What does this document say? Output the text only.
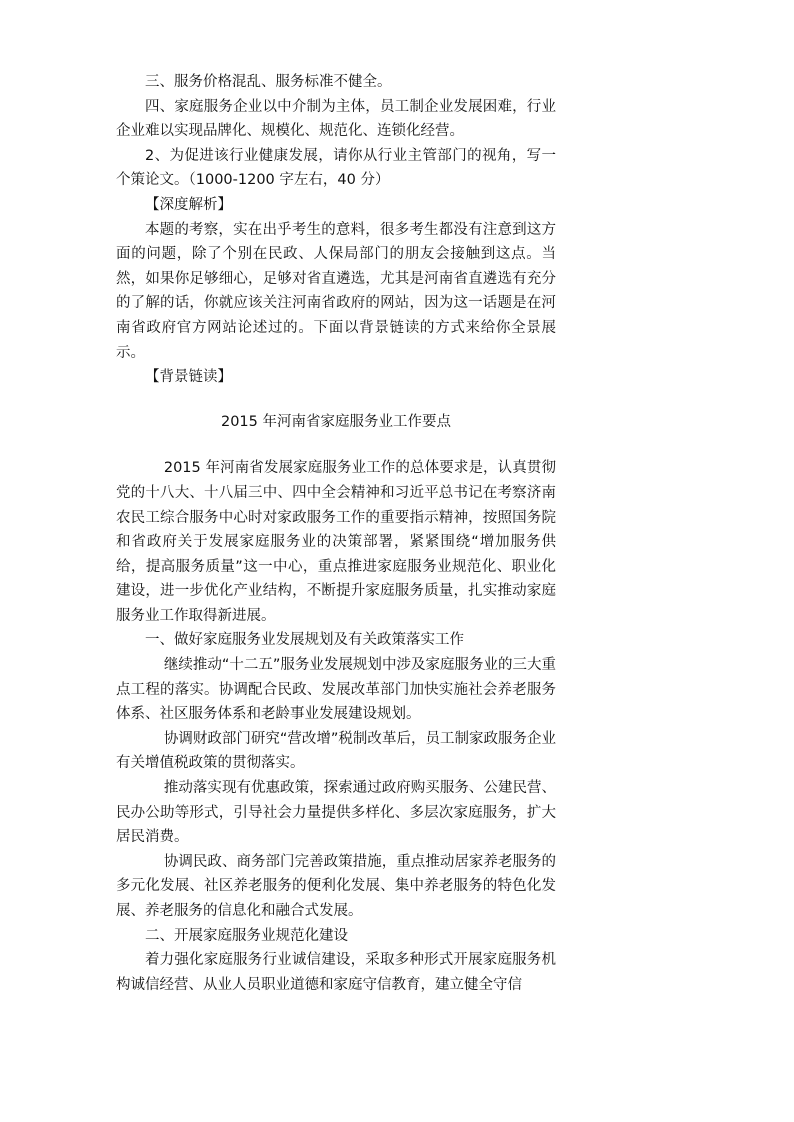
三、服务价格混乱、服务标准不健全。

四、家庭服务企业以中介制为主体，员工制企业发展困难，行业企业难以实现品牌化、规模化、规范化、连锁化经营。

2、为促进该行业健康发展，请你从行业主管部门的视角，写一个策论文。（1000-1200 字左右，40 分）

【深度解析】

本题的考察，实在出乎考生的意料，很多考生都没有注意到这方面的问题，除了个别在民政、人保局部门的朋友会接触到这点。当然，如果你足够细心，足够对省直遴选，尤其是河南省直遴选有充分的了解的话，你就应该关注河南省政府的网站，因为这一话题是在河南省政府官方网站论述过的。下面以背景链读的方式来给你全景展示。

【背景链读】

2015 年河南省家庭服务业工作要点

2015 年河南省发展家庭服务业工作的总体要求是，认真贯彻党的十八大、十八届三中、四中全会精神和习近平总书记在考察济南农民工综合服务中心时对家政服务工作的重要指示精神，按照国务院和省政府关于发展家庭服务业的决策部署，紧紧围绕“增加服务供给，提高服务质量”这一中心，重点推进家庭服务业规范化、职业化建设，进一步优化产业结构，不断提升家庭服务质量，扎实推动家庭服务业工作取得新进展。

一、做好家庭服务业发展规划及有关政策落实工作

继续推动“十二五”服务业发展规划中涉及家庭服务业的三大重点工程的落实。协调配合民政、发展改革部门加快实施社会养老服务体系、社区服务体系和老龄事业发展建设规划。

协调财政部门研究“营改增”税制改革后，员工制家政服务企业有关增值税政策的贯彻落实。

推动落实现有优惠政策，探索通过政府购买服务、公建民营、民办公助等形式，引导社会力量提供多样化、多层次家庭服务，扩大居民消费。

协调民政、商务部门完善政策措施，重点推动居家养老服务的多元化发展、社区养老服务的便利化发展、集中养老服务的特色化发展、养老服务的信息化和融合式发展。

二、开展家庭服务业规范化建设

着力强化家庭服务行业诚信建设，采取多种形式开展家庭服务机构诚信经营、从业人员职业道德和家庭守信教育，建立健全守信
